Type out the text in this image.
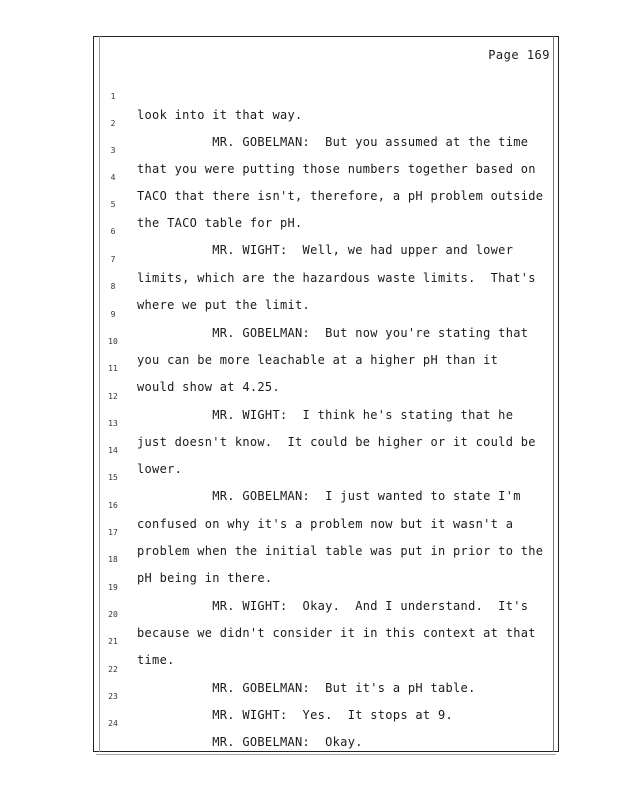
Page 169

1

look into it that way.

2

MR. GOBELMAN:  But you assumed at the time

3

that you were putting those numbers together based on

4

TACO that there isn't, therefore, a pH problem outside

5

the TACO table for pH.

6

MR. WIGHT:  Well, we had upper and lower

7

limits, which are the hazardous waste limits.  That's

8

where we put the limit.

9

MR. GOBELMAN:  But now you're stating that

10

you can be more leachable at a higher pH than it

11

would show at 4.25.

12

MR. WIGHT:  I think he's stating that he

13

just doesn't know.  It could be higher or it could be

14

lower.

15

MR. GOBELMAN:  I just wanted to state I'm

16

confused on why it's a problem now but it wasn't a

17

problem when the initial table was put in prior to the

18

pH being in there.

19

MR. WIGHT:  Okay.  And I understand.  It's

20

because we didn't consider it in this context at that

21

time.

22

MR. GOBELMAN:  But it's a pH table.

23

MR. WIGHT:  Yes.  It stops at 9.

24

MR. GOBELMAN:  Okay.
